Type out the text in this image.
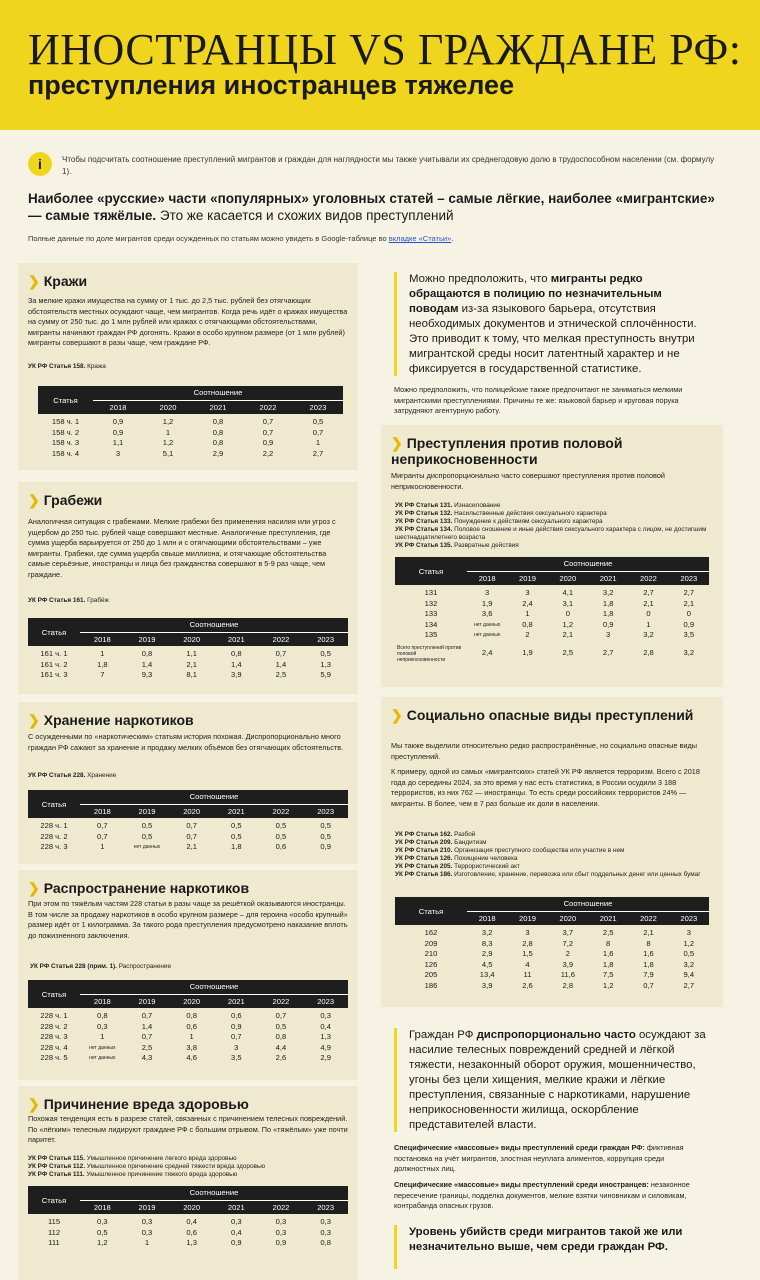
ИНОСТРАНЦЫ VS ГРАЖДАНЕ РФ:
преступления иностранцев тяжелее
i	Чтобы подсчитать соотношение преступлений мигрантов и граждан для наглядности мы также учитывали их среднегодовую долю в трудоспособном населении (см. формулу 1).
Наиболее «русские» части «популярных» уголовных статей – самые лёгкие, наиболее «мигрантские» — самые тяжёлые. Это же касается и схожих видов преступлений
Полные данные по доле мигрантов среди осужденных по статьям можно увидеть в Google-таблице во вкладке «Статьи».
❯ Кражи
За мелкие кражи имущества на сумму от 1 тыс. до 2,5 тыс. рублей без отягчающих обстоятельств местных осуждают чаще, чем мигрантов. Когда речь идёт о кражах имущества на сумму от 250 тыс. до 1 млн рублей или кражах с отягчающими обстоятельствами, мигранты начинают граждан РФ догонять. Кражи в особо крупном размере (от 1 млн рублей) мигранты совершают в разы чаще, чем граждане РФ.
УК РФ Статья 158. Кража
Статья	Соотношение				
	2018	2020	2021	2022	2023
158 ч. 1	0,9	1,2	0,8	0,7	0,5
158 ч. 2	0,9	1	0,8	0,7	0,7
158 ч. 3	1,1	1,2	0,8	0,9	1
158 ч. 4	3	5,1	2,9	2,2	2,7
❯ Грабежи
Аналогичная ситуация с грабежами. Мелкие грабежи без применения насилия или угроз с ущербом до 250 тыс. рублей чаще совершают местные. Аналогичные преступления, где сумма ущерба варьируется от 250 до 1 млн и с отягчающими обстоятельствами – уже мигранты. Грабежи, где сумма ущерба свыше миллиона, и отягчающие обстоятельства самые серьёзные, иностранцы и лица без гражданства совершают в 5-9 раз чаще, чем граждане.
УК РФ Статья 161. Грабёж
Статья	Соотношение					
	2018	2019	2020	2021	2022	2023
161 ч. 1	1	0,8	1,1	0,8	0,7	0,5
161 ч. 2	1,8	1,4	2,1	1,4	1,4	1,3
161 ч. 3	7	9,3	8,1	3,9	2,5	5,9
❯ Хранение наркотиков
С осужденными по «наркотическим» статьям история похожая. Диспропорционально много граждан РФ сажают за хранение и продажу мелких объёмов без отягчающих обстоятельств.
УК РФ Статья 228. Хранение
Статья	Соотношение					
	2018	2019	2020	2021	2022	2023
228 ч. 1	0,7	0,5	0,7	0,5	0,5	0,5
228 ч. 2	0,7	0,5	0,7	0,5	0,5	0,5
228 ч. 3	1	нет данных	2,1	1,8	0,6	0,9
❯ Распространение наркотиков
При этом по тяжёлым частям 228 статьи в разы чаще за решёткой оказываются иностранцы. В том числе за продажу наркотиков в особо крупном размере – для героина «особо крупный» размер идёт от 1 килограмма. За такого рода преступления предусмотрено наказание вплоть до пожизненного заключения.
УК РФ Статья 228 (прим. 1). Распространение
Статья	Соотношение					
	2018	2019	2020	2021	2022	2023
228 ч. 1	0,8	0,7	0,8	0,6	0,7	0,3
228 ч. 2	0,3	1,4	0,6	0,9	0,5	0,4
228 ч. 3	1	0,7	1	0,7	0,8	1,3
228 ч. 4	нет данных	2,5	3,8	3	4,4	4,9
228 ч. 5	нет данных	4,3	4,6	3,5	2,6	2,9
❯ Причинение вреда здоровью
Похожая тенденция есть в разрезе статей, связанных с причинением телесных повреждений. По «лёгким» телесным лидируют граждане РФ с большим отрывом. По «тяжёлым» уже почти паритет.
УК РФ Статья 115. Умышленное причинение легкого вреда здоровью
УК РФ Статья 112. Умышленное причинение средней тяжести вреда здоровью
УК РФ Статья 111. Умышленное причинение тяжкого вреда здоровью
Статья	Соотношение					
	2018	2019	2020	2021	2022	2023
115	0,3	0,3	0,4	0,3	0,3	0,3
112	0,5	0,3	0,6	0,4	0,3	0,3
111	1,2	1	1,3	0,9	0,9	0,8
Можно предположить, что мигранты редко обращаются в полицию по незначительным поводам из-за языкового барьера, отсутствия необходимых документов и этнической сплочённости. Это приводит к тому, что мелкая преступность внутри мигрантской среды носит латентный характер и не фиксируется в государственной статистике.
Можно предположить, что полицейские также предпочитают не заниматься мелкими мигрантскими преступлениями. Причины те же: языковой барьер и круговая порука затрудняют агентурную работу.
❯ Преступления против половой неприкосновенности
Мигранты диспропорционально часто совершают преступления против половой неприкосновенности.
УК РФ Статья 131. Изнасилование
УК РФ Статья 132. Насильственные действия сексуального характера
УК РФ Статья 133. Понуждение к действиям сексуального характера
УК РФ Статья 134. Половое сношение и иные действия сексуального характера с лицом, не достигшим шестнадцатилетнего возраста
УК РФ Статья 135. Развратные действия
Статья	Соотношение					
	2018	2019	2020	2021	2022	2023
131	3	3	4,1	3,2	2,7	2,7
132	1,9	2,4	3,1	1,8	2,1	2,1
133	3,6	1	0	1,8	0	0
134	нет данных	0,8	1,2	0,9	1	0,9
135	нет данных	2	2,1	3	3,2	3,5
Всего преступлений против половой неприкосновенности	2,4	1,9	2,5	2,7	2,8	3,2
❯ Социально опасные виды преступлений
Мы также выделили относительно редко распространённые, но социально опасные виды преступлений.
К примеру, одной из самых «мигрантских» статей УК РФ является терроризм. Всего с 2018 года до середины 2024, за это время у нас есть статистика, в России осудили 3 188 террористов, из них 762 — иностранцы. То есть среди российских террористов 24% — мигранты. В более, чем в 7 раз больше их доли в населении.
УК РФ Статья 162. Разбой
УК РФ Статья 209. Бандитизм
УК РФ Статья 210. Организация преступного сообщества или участие в нем
УК РФ Статья 126. Похищение человека
УК РФ Статья 205. Террористический акт
УК РФ Статья 186. Изготовление, хранение, перевозка или сбыт поддельных денег или ценных бумаг
Статья	Соотношение					
	2018	2019	2020	2021	2022	2023
162	3,2	3	3,7	2,5	2,1	3
209	8,3	2,8	7,2	8	8	1,2
210	2,9	1,5	2	1,6	1,6	0,5
126	4,5	4	3,9	1,8	1,8	3,2
205	13,4	11	11,6	7,5	7,9	9,4
186	3,9	2,6	2,8	1,2	0,7	2,7
Граждан РФ диспропорционально часто осуждают за насилие телесных повреждений средней и лёгкой тяжести, незаконный оборот оружия, мошенничество, угоны без цели хищения, мелкие кражи и лёгкие преступления, связанные с наркотиками, нарушение неприкосновенности жилища, оскорбление представителей власти.
Специфические «массовые» виды преступлений среди граждан РФ: фиктивная постановка на учёт мигрантов, злостная неуплата алиментов, коррупция среди должностных лиц.
Специфические «массовые» виды преступлений среди иностранцев: незаконное пересечение границы, подделка документов, мелкие взятки чиновникам и силовикам, контрабанда опасных грузов.
Уровень убийств среди мигрантов такой же или незначительно выше, чем среди граждан РФ.
